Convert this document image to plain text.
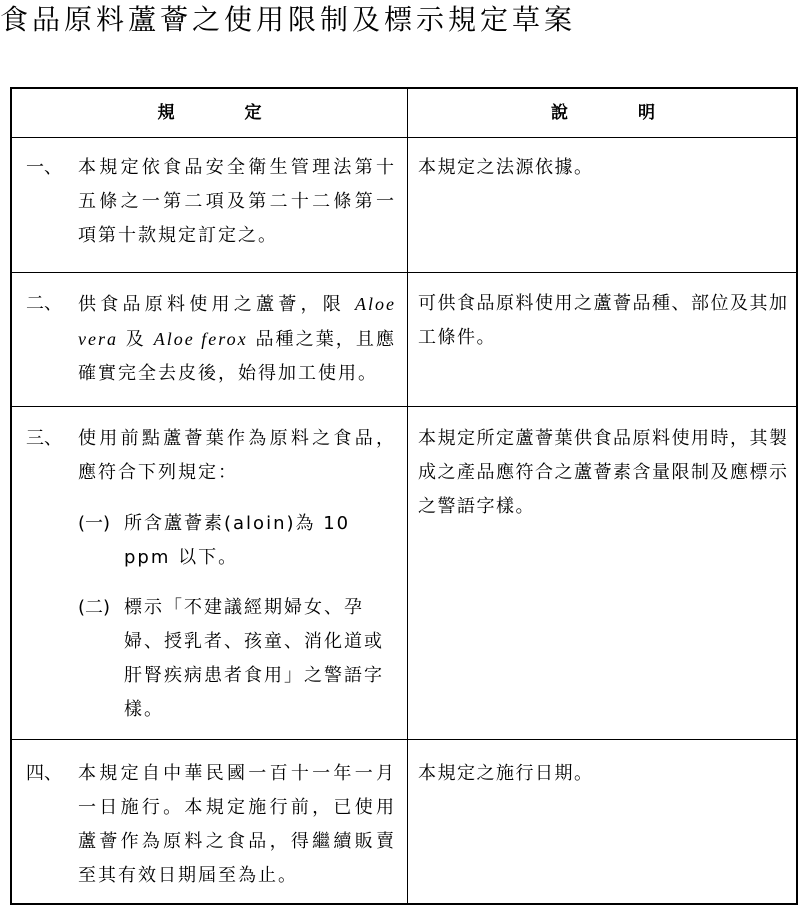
食品原料蘆薈之使用限制及標示規定草案
規定	說明
一、 本規定依食品安全衛生管理法第十五條之一第二項及第二十二條第一項第十款規定訂定之。
本規定之法源依據。
二、 供食品原料使用之蘆薈，限 Aloe vera 及 Aloe ferox 品種之葉，且應確實完全去皮後，始得加工使用。
可供食品原料使用之蘆薈品種、部位及其加工條件。
三、 使用前點蘆薈葉作為原料之食品，應符合下列規定：
(一) 所含蘆薈素(aloin)為 10 ppm 以下。
(二) 標示「不建議經期婦女、孕婦、授乳者、孩童、消化道或肝腎疾病患者食用」之警語字樣。
本規定所定蘆薈葉供食品原料使用時，其製成之產品應符合之蘆薈素含量限制及應標示之警語字樣。
四、 本規定自中華民國一百十一年一月一日施行。本規定施行前，已使用蘆薈作為原料之食品，得繼續販賣至其有效日期屆至為止。
本規定之施行日期。
